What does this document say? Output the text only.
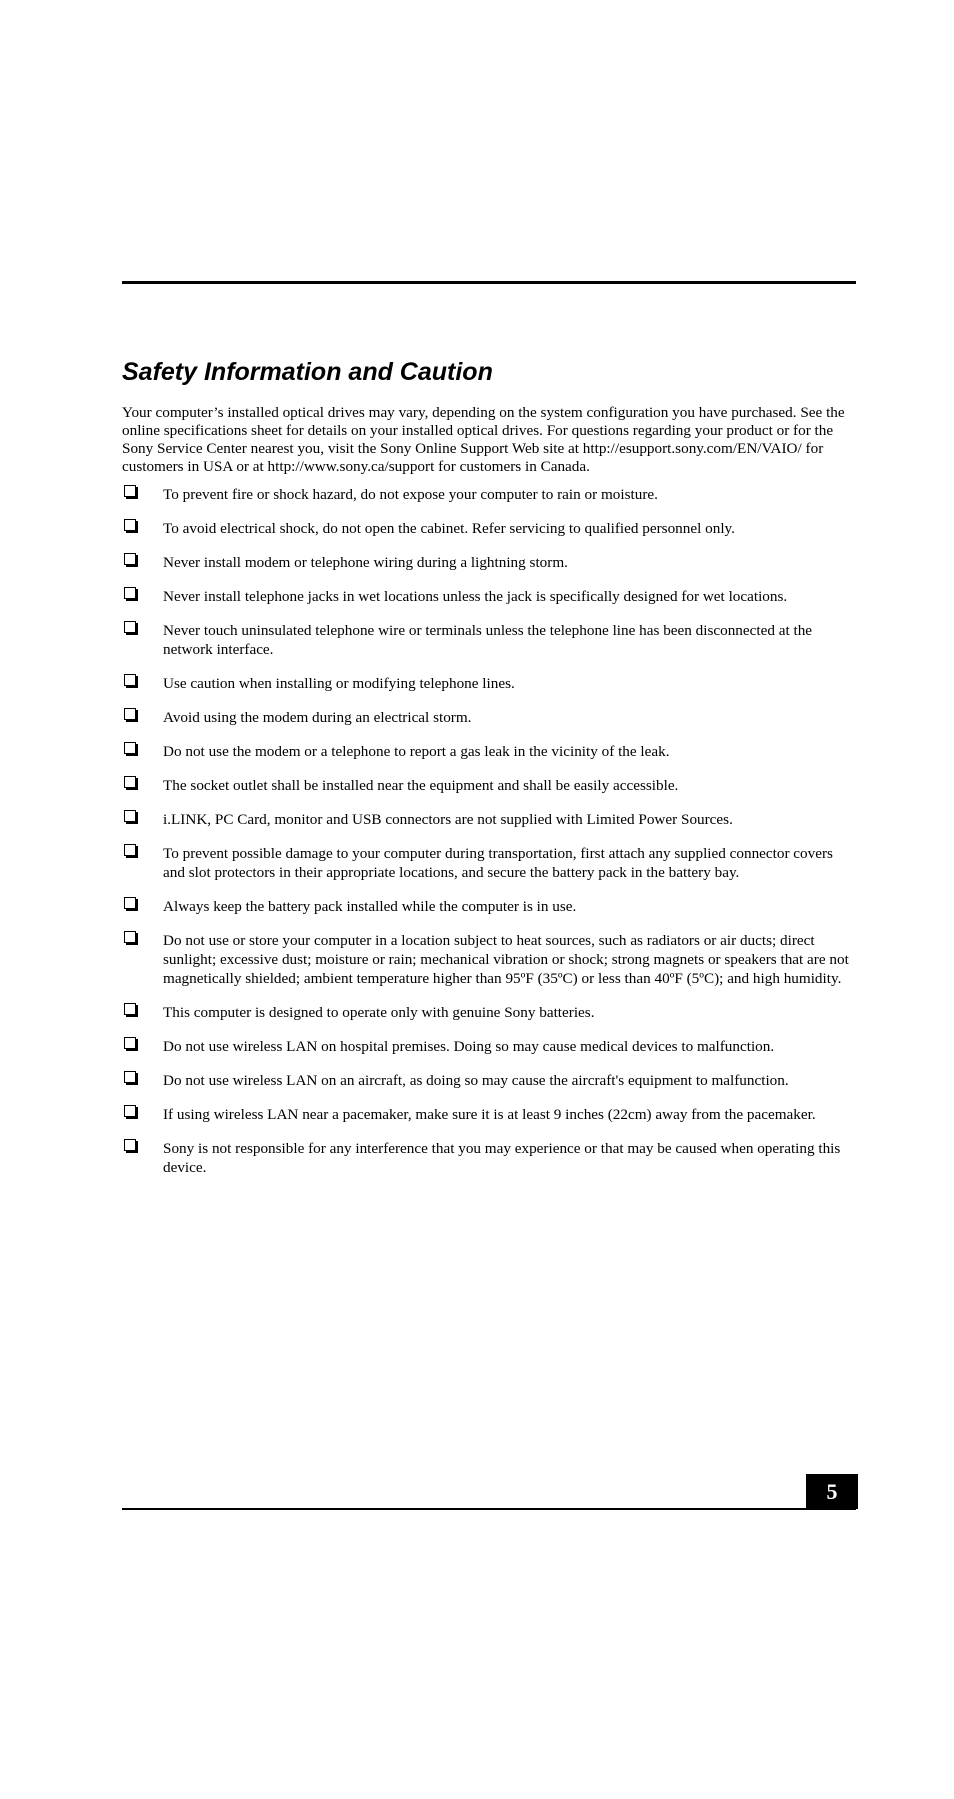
Safety Information and Caution

Your computer’s installed optical drives may vary, depending on the system configuration you have purchased. See the online specifications sheet for details on your installed optical drives. For questions regarding your product or for the Sony Service Center nearest you, visit the Sony Online Support Web site at http://esupport.sony.com/EN/VAIO/ for customers in USA or at http://www.sony.ca/support for customers in Canada.

To prevent fire or shock hazard, do not expose your computer to rain or moisture.
To avoid electrical shock, do not open the cabinet. Refer servicing to qualified personnel only.
Never install modem or telephone wiring during a lightning storm.
Never install telephone jacks in wet locations unless the jack is specifically designed for wet locations.
Never touch uninsulated telephone wire or terminals unless the telephone line has been disconnected at the network interface.
Use caution when installing or modifying telephone lines.
Avoid using the modem during an electrical storm.
Do not use the modem or a telephone to report a gas leak in the vicinity of the leak.
The socket outlet shall be installed near the equipment and shall be easily accessible.
i.LINK, PC Card, monitor and USB connectors are not supplied with Limited Power Sources.
To prevent possible damage to your computer during transportation, first attach any supplied connector covers and slot protectors in their appropriate locations, and secure the battery pack in the battery bay.
Always keep the battery pack installed while the computer is in use.
Do not use or store your computer in a location subject to heat sources, such as radiators or air ducts; direct sunlight; excessive dust; moisture or rain; mechanical vibration or shock; strong magnets or speakers that are not magnetically shielded; ambient temperature higher than 95ºF (35ºC) or less than 40ºF (5ºC); and high humidity.
This computer is designed to operate only with genuine Sony batteries.
Do not use wireless LAN on hospital premises. Doing so may cause medical devices to malfunction.
Do not use wireless LAN on an aircraft, as doing so may cause the aircraft's equipment to malfunction.
If using wireless LAN near a pacemaker, make sure it is at least 9 inches (22cm) away from the pacemaker.
Sony is not responsible for any interference that you may experience or that may be caused when operating this device.
5
